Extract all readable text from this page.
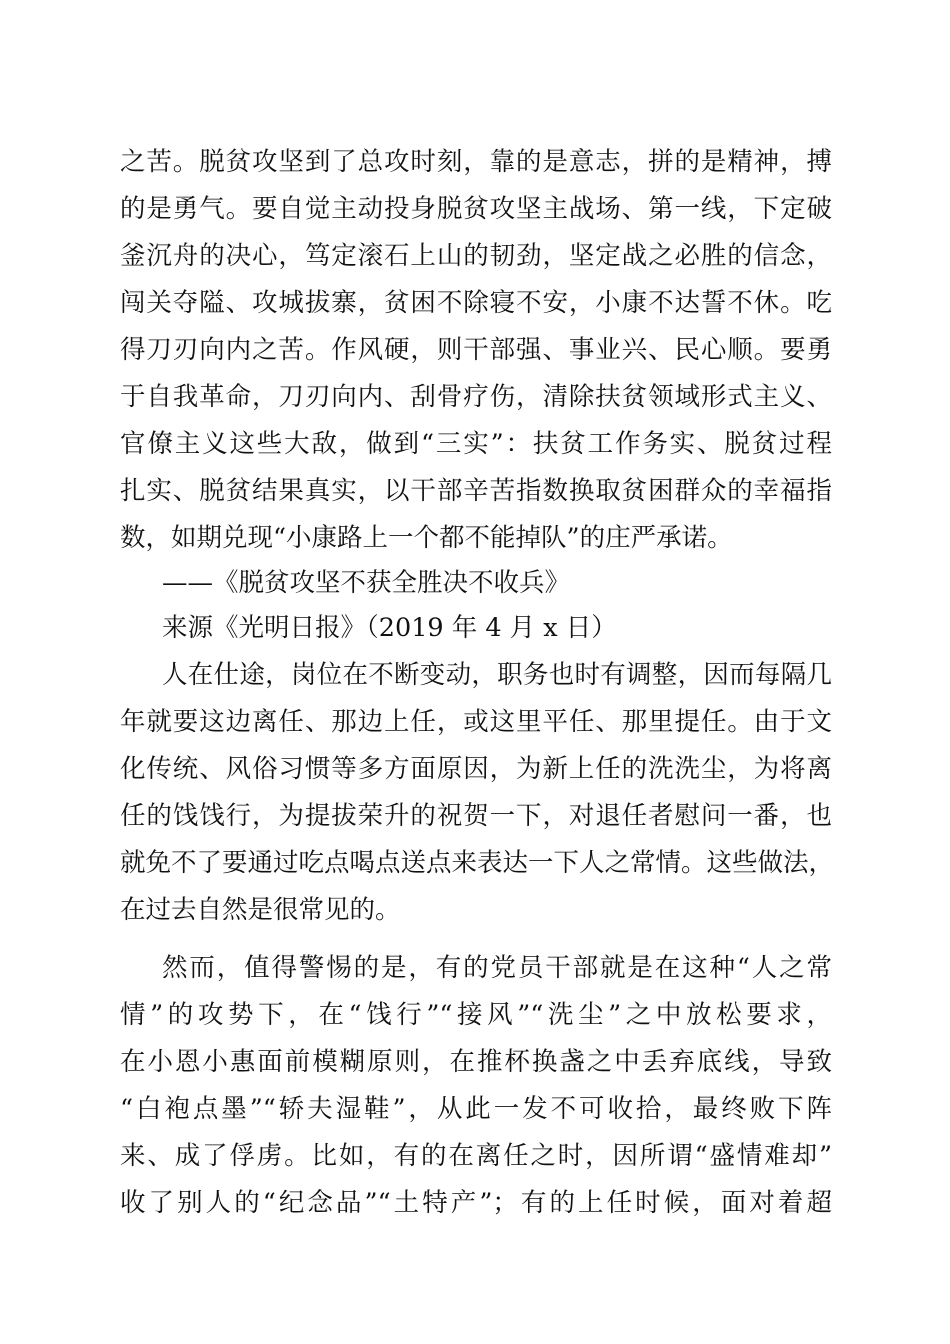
之苦。脱贫攻坚到了总攻时刻，靠的是意志，拼的是精神，搏
的是勇气。要自觉主动投身脱贫攻坚主战场、第一线，下定破
釜沉舟的决心，笃定滚石上山的韧劲，坚定战之必胜的信念，
闯关夺隘、攻城拔寨，贫困不除寝不安，小康不达誓不休。吃
得刀刃向内之苦。作风硬，则干部强、事业兴、民心顺。要勇
于自我革命，刀刃向内、刮骨疗伤，清除扶贫领域形式主义、
官僚主义这些大敌，做到“三实”：扶贫工作务实、脱贫过程
扎实、脱贫结果真实，以干部辛苦指数换取贫困群众的幸福指
数，如期兑现“小康路上一个都不能掉队”的庄严承诺。
——《脱贫攻坚不获全胜决不收兵》
来源《光明日报》（2019 年 4 月 x 日）
人在仕途，岗位在不断变动，职务也时有调整，因而每隔几
年就要这边离任、那边上任，或这里平任、那里提任。由于文
化传统、风俗习惯等多方面原因，为新上任的洗洗尘，为将离
任的饯饯行，为提拔荣升的祝贺一下，对退任者慰问一番，也
就免不了要通过吃点喝点送点来表达一下人之常情。这些做法，
在过去自然是很常见的。
然而，值得警惕的是，有的党员干部就是在这种“人之常
情”的攻势下，在“饯行”“接风”“洗尘”之中放松要求，
在小恩小惠面前模糊原则，在推杯换盏之中丢弃底线，导致
“白袍点墨”“轿夫湿鞋”，从此一发不可收拾，最终败下阵
来、成了俘虏。比如，有的在离任之时，因所谓“盛情难却”
收了别人的“纪念品”“土特产”；有的上任时候，面对着超
